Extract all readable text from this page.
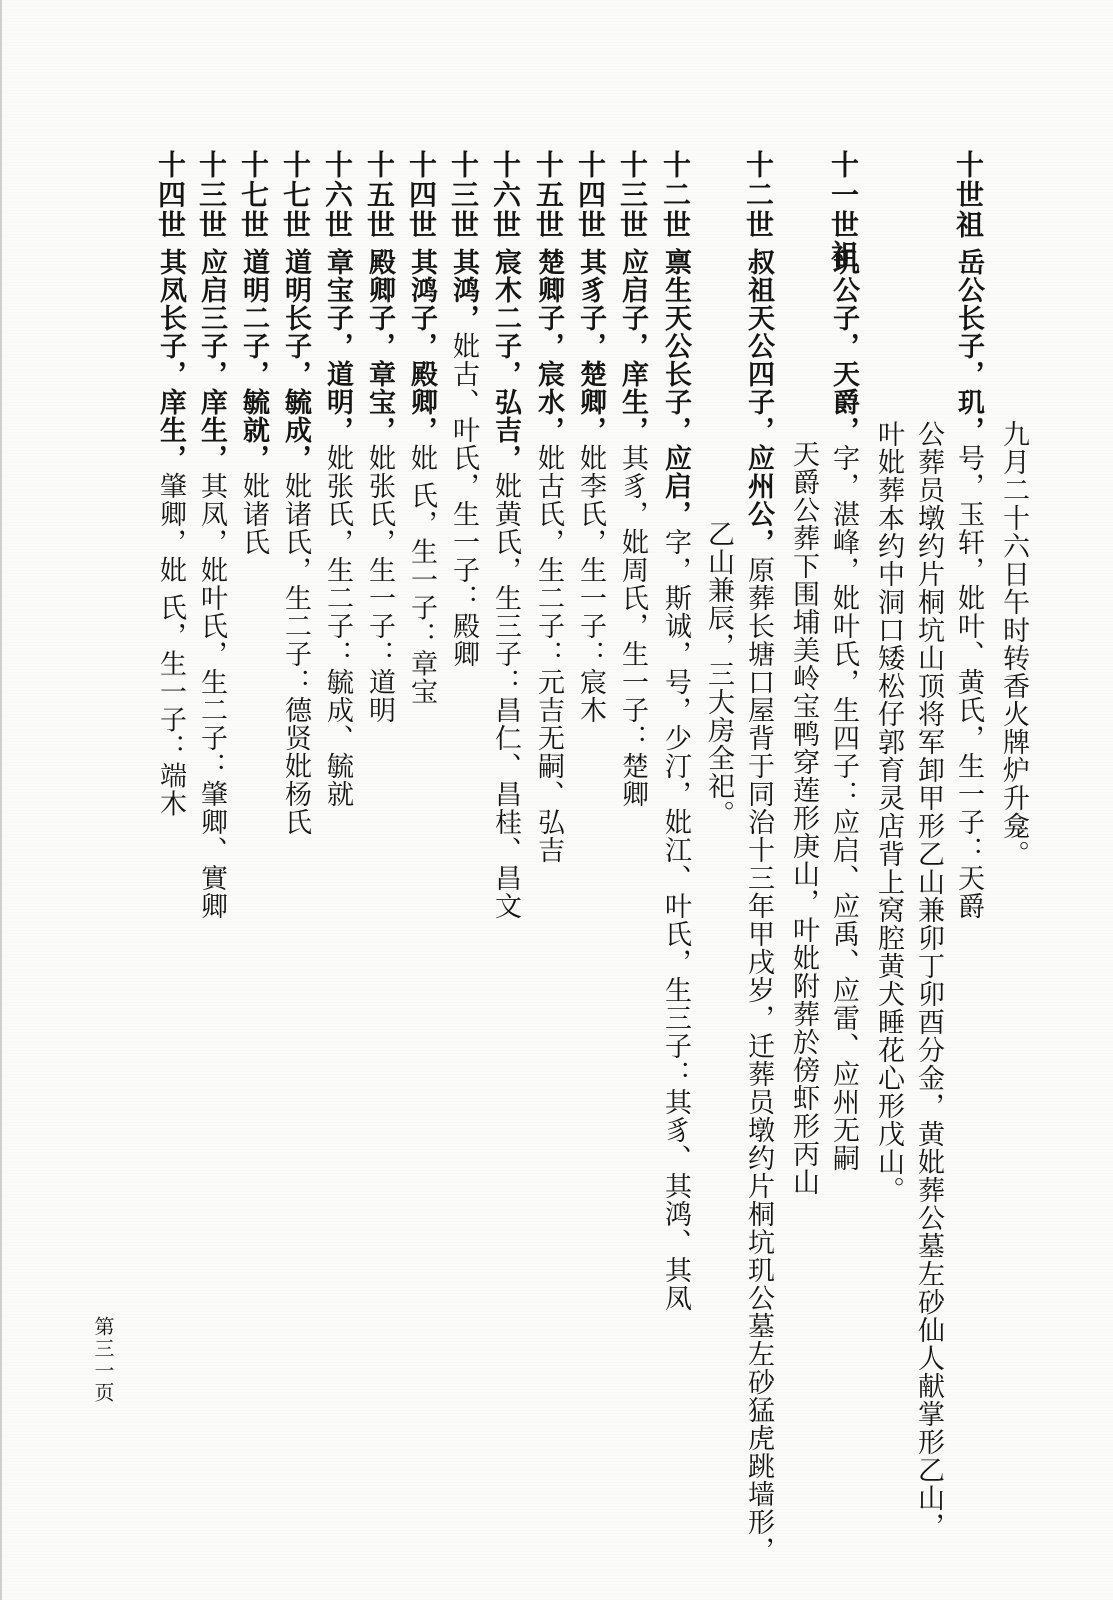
十世祖
岳公长子，玑，号，玉轩，妣叶、黄氏，生一子：天爵 九月二十六日午时转香火牌炉升龛。
公葬员墩约片桐坑山顶将军卸甲形乙山兼卯丁卯酉分金，黄妣葬公墓左砂仙人献掌形乙山，
叶妣葬本约中洞口矮松仔郭育灵店背上窝腔黄犬睡花心形戊山。
十一世祖
玑公子，天爵，字，湛峰，妣叶氏，生四子：应启、应禹、应雷、应州无嗣
天爵公葬下围埔美岭宝鸭穿莲形庚山，叶妣附葬於傍虾形丙山
十二世
叔祖天公四子，应州公，原葬长塘口屋背于同治十三年甲戌岁，迁葬员墩约片桐坑玑公墓左砂猛虎跳墙形，
乙山兼辰，三大房全祀。
十二世
禀生天公长子，应启，字，斯诚，号，少汀，妣江、叶氏，生三子：其豸、其鸿、其凤
十三世
应启子，庠生，其豸，妣周氏，生一子：楚卿
十四世
其豸子，楚卿，妣李氏，生一子：宸木
十五世
楚卿子，宸水，妣古氏，生二子：元吉无嗣、弘吉
十六世
宸木二子，弘吉，妣黄氏，生三子：昌仁、昌桂、昌文
十三世
其鸿，妣古、叶氏，生一子：殿卿
十四世
其鸿子，殿卿，妣 氏，生一子：章宝
十五世
殿卿子，章宝，妣张氏，生一子：道明
十六世
章宝子，道明，妣张氏，生二子：毓成、毓就
十七世
道明长子，毓成，妣诸氏，生二子：德贤妣杨氏
十七世
道明二子，毓就，妣诸氏
十三世
应启三子，庠生，其凤，妣叶氏，生二子：肇卿、實卿
十四世
其凤长子，庠生，肇卿，妣 氏，生一子：端木
第三一页
